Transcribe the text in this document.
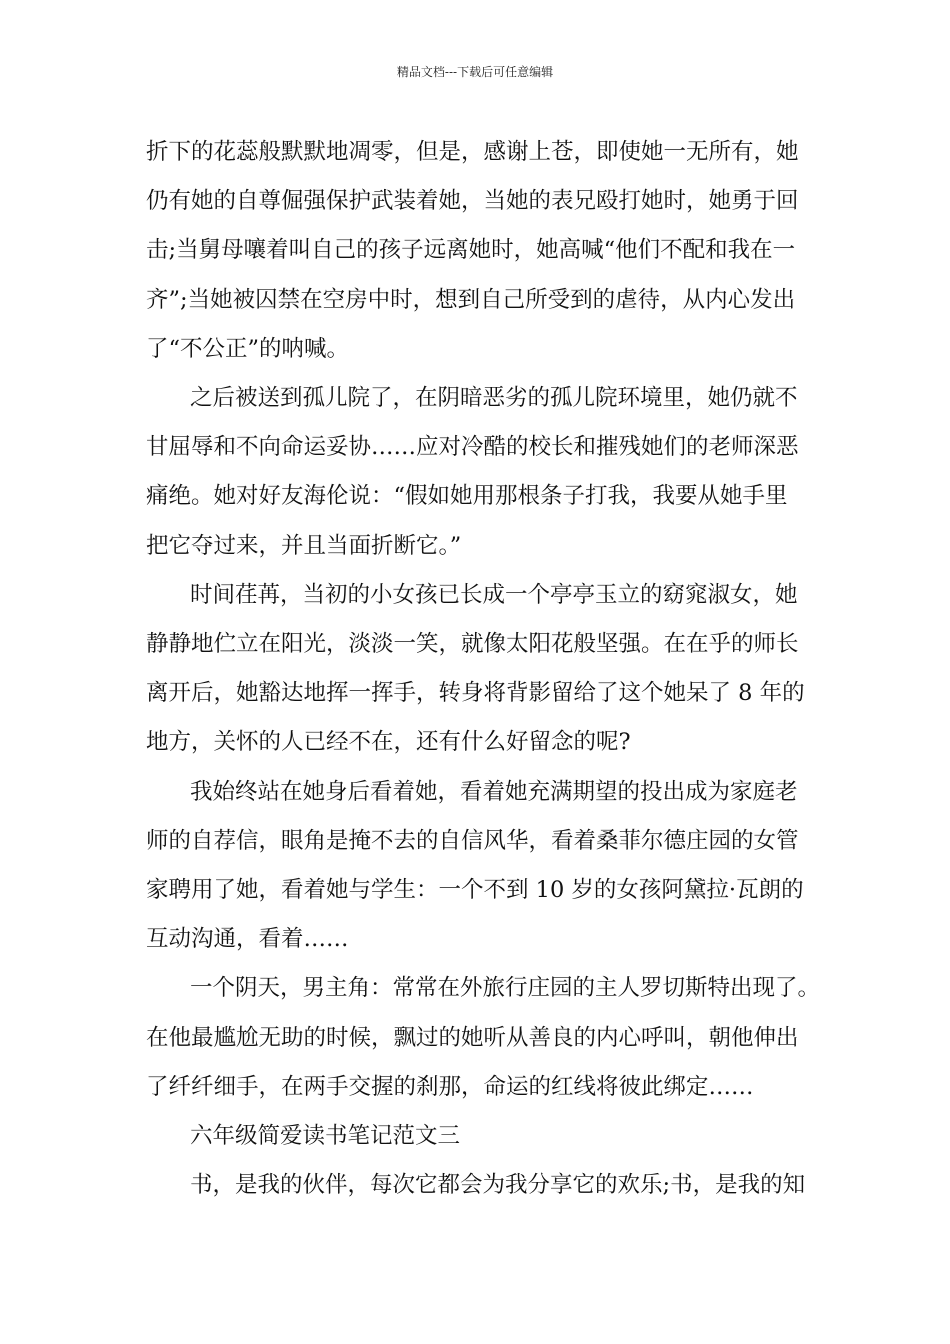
精品文档---下载后可任意编辑
折下的花蕊般默默地凋零，但是，感谢上苍，即使她一无所有，她
仍有她的自尊倔强保护武装着她，当她的表兄殴打她时，她勇于回
击;当舅母嚷着叫自己的孩子远离她时，她高喊“他们不配和我在一
齐”;当她被囚禁在空房中时，想到自己所受到的虐待，从内心发出
了“不公正”的呐喊。
之后被送到孤儿院了，在阴暗恶劣的孤儿院环境里，她仍就不
甘屈辱和不向命运妥协……应对冷酷的校长和摧残她们的老师深恶
痛绝。她对好友海伦说：“假如她用那根条子打我，我要从她手里
把它夺过来，并且当面折断它。”
时间荏苒，当初的小女孩已长成一个亭亭玉立的窈窕淑女，她
静静地伫立在阳光，淡淡一笑，就像太阳花般坚强。在在乎的师长
离开后，她豁达地挥一挥手，转身将背影留给了这个她呆了 8 年的
地方，关怀的人已经不在，还有什么好留念的呢?
我始终站在她身后看着她，看着她充满期望的投出成为家庭老
师的自荐信，眼角是掩不去的自信风华，看着桑菲尔德庄园的女管
家聘用了她，看着她与学生：一个不到 10 岁的女孩阿黛拉·瓦朗的
互动沟通，看着……
一个阴天，男主角：常常在外旅行庄园的主人罗切斯特出现了。
在他最尴尬无助的时候，飘过的她听从善良的内心呼叫，朝他伸出
了纤纤细手，在两手交握的刹那，命运的红线将彼此绑定……
六年级简爱读书笔记范文三
书，是我的伙伴，每次它都会为我分享它的欢乐;书，是我的知
